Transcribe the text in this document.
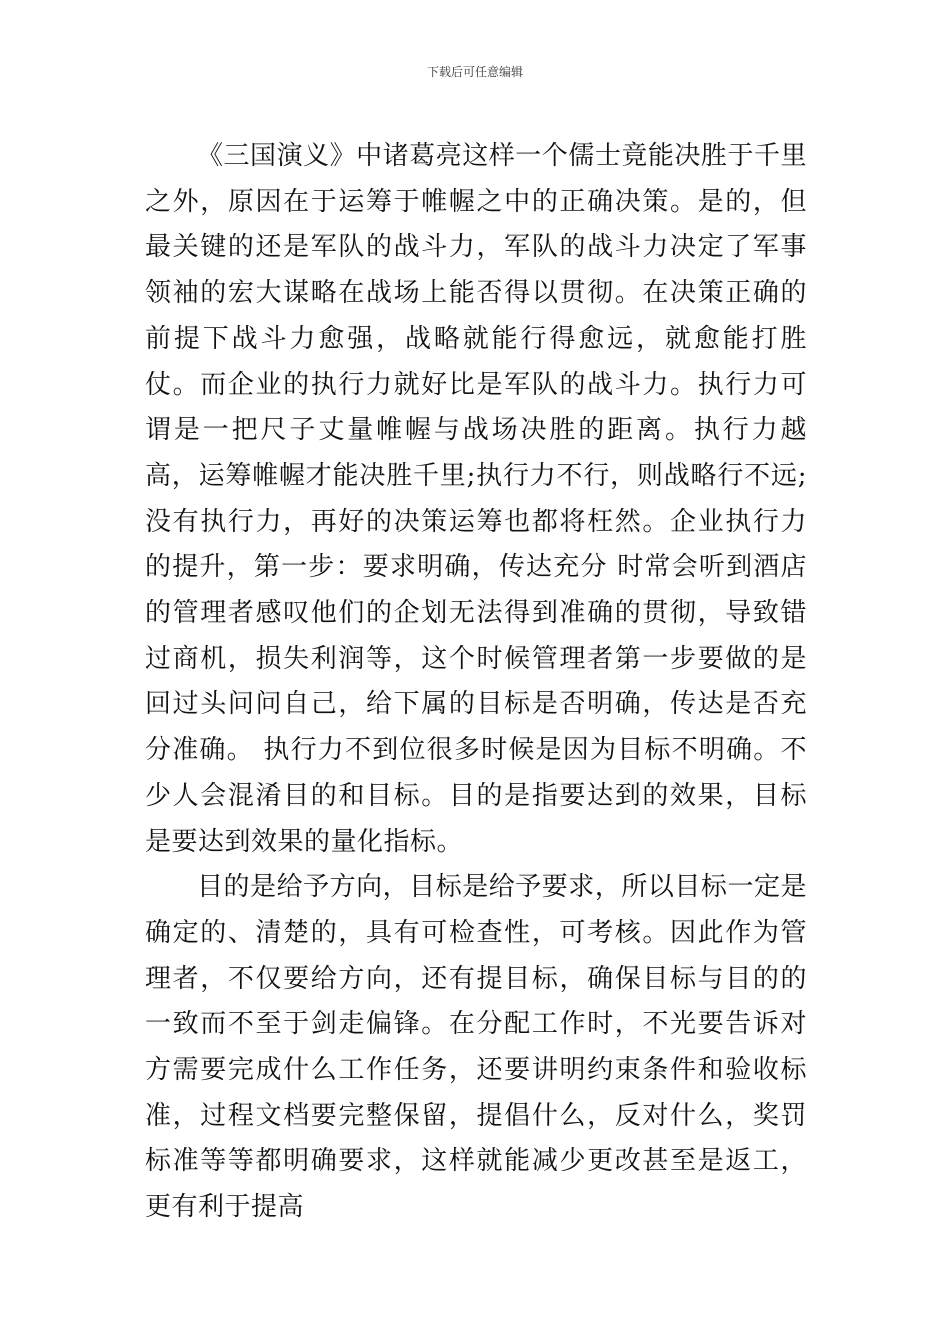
下载后可任意编辑

《三国演义》中诸葛亮这样一个儒士竟能决胜于千里之外，原因在于运筹于帷幄之中的正确决策。是的，但最关键的还是军队的战斗力，军队的战斗力决定了军事领袖的宏大谋略在战场上能否得以贯彻。在决策正确的前提下战斗力愈强，战略就能行得愈远，就愈能打胜仗。而企业的执行力就好比是军队的战斗力。执行力可谓是一把尺子丈量帷幄与战场决胜的距离。执行力越高，运筹帷幄才能决胜千里;执行力不行，则战略行不远;没有执行力，再好的决策运筹也都将枉然。企业执行力的提升，第一步：要求明确，传达充分 时常会听到酒店的管理者感叹他们的企划无法得到准确的贯彻，导致错过商机，损失利润等，这个时候管理者第一步要做的是回过头问问自己，给下属的目标是否明确，传达是否充分准确。 执行力不到位很多时候是因为目标不明确。不少人会混淆目的和目标。目的是指要达到的效果，目标是要达到效果的量化指标。

目的是给予方向，目标是给予要求，所以目标一定是确定的、清楚的，具有可检查性，可考核。因此作为管理者，不仅要给方向，还有提目标，确保目标与目的的一致而不至于剑走偏锋。在分配工作时，不光要告诉对方需要完成什么工作任务，还要讲明约束条件和验收标准，过程文档要完整保留，提倡什么，反对什么，奖罚标准等等都明确要求，这样就能减少更改甚至是返工，更有利于提高
